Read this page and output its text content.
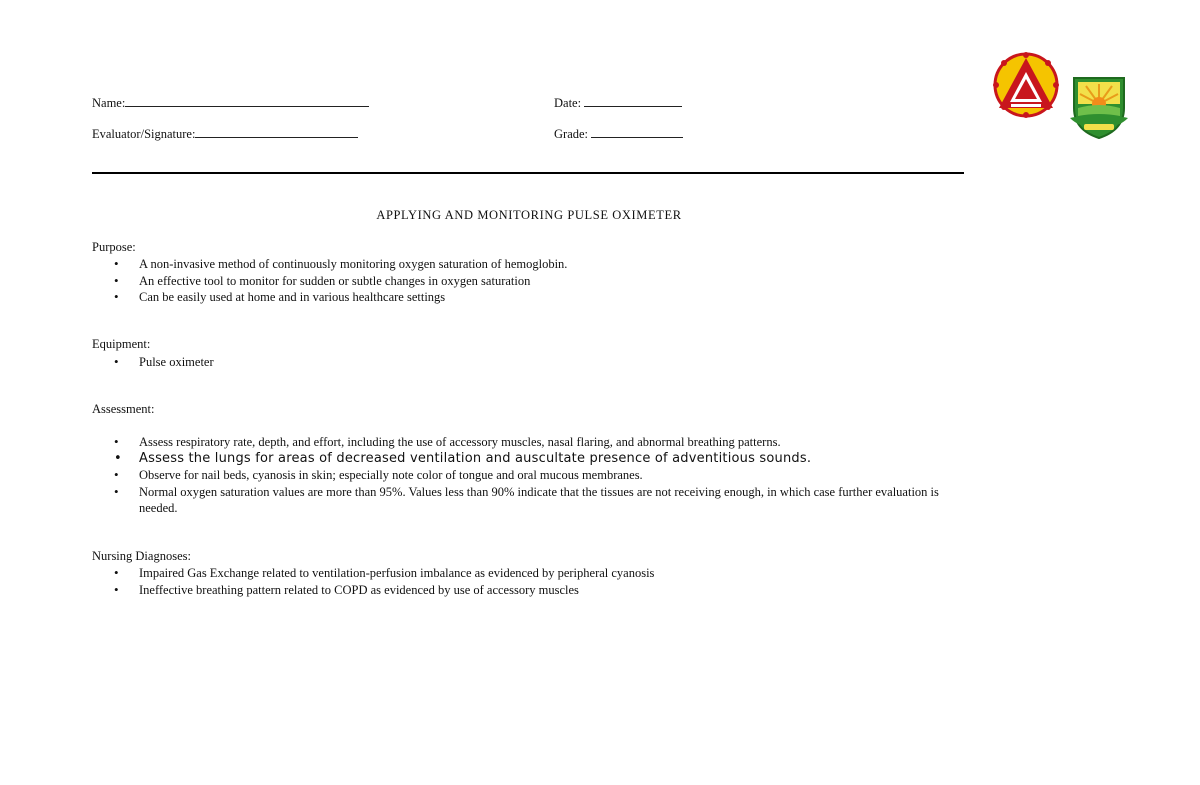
Name:	Date:
Evaluator/Signature:	Grade:
APPLYING AND MONITORING PULSE OXIMETER
Purpose:
• A non-invasive method of continuously monitoring oxygen saturation of hemoglobin.
• An effective tool to monitor for sudden or subtle changes in oxygen saturation
• Can be easily used at home and in various healthcare settings
Equipment:
• Pulse oximeter
Assessment:
• Assess respiratory rate, depth, and effort, including the use of accessory muscles, nasal flaring, and abnormal breathing patterns.
• Assess the lungs for areas of decreased ventilation and auscultate presence of adventitious sounds.
• Observe for nail beds, cyanosis in skin; especially note color of tongue and oral mucous membranes.
• Normal oxygen saturation values are more than 95%. Values less than 90% indicate that the tissues are not receiving enough, in which case further evaluation is needed.
Nursing Diagnoses:
• Impaired Gas Exchange related to ventilation-perfusion imbalance as evidenced by peripheral cyanosis
• Ineffective breathing pattern related to COPD as evidenced by use of accessory muscles
